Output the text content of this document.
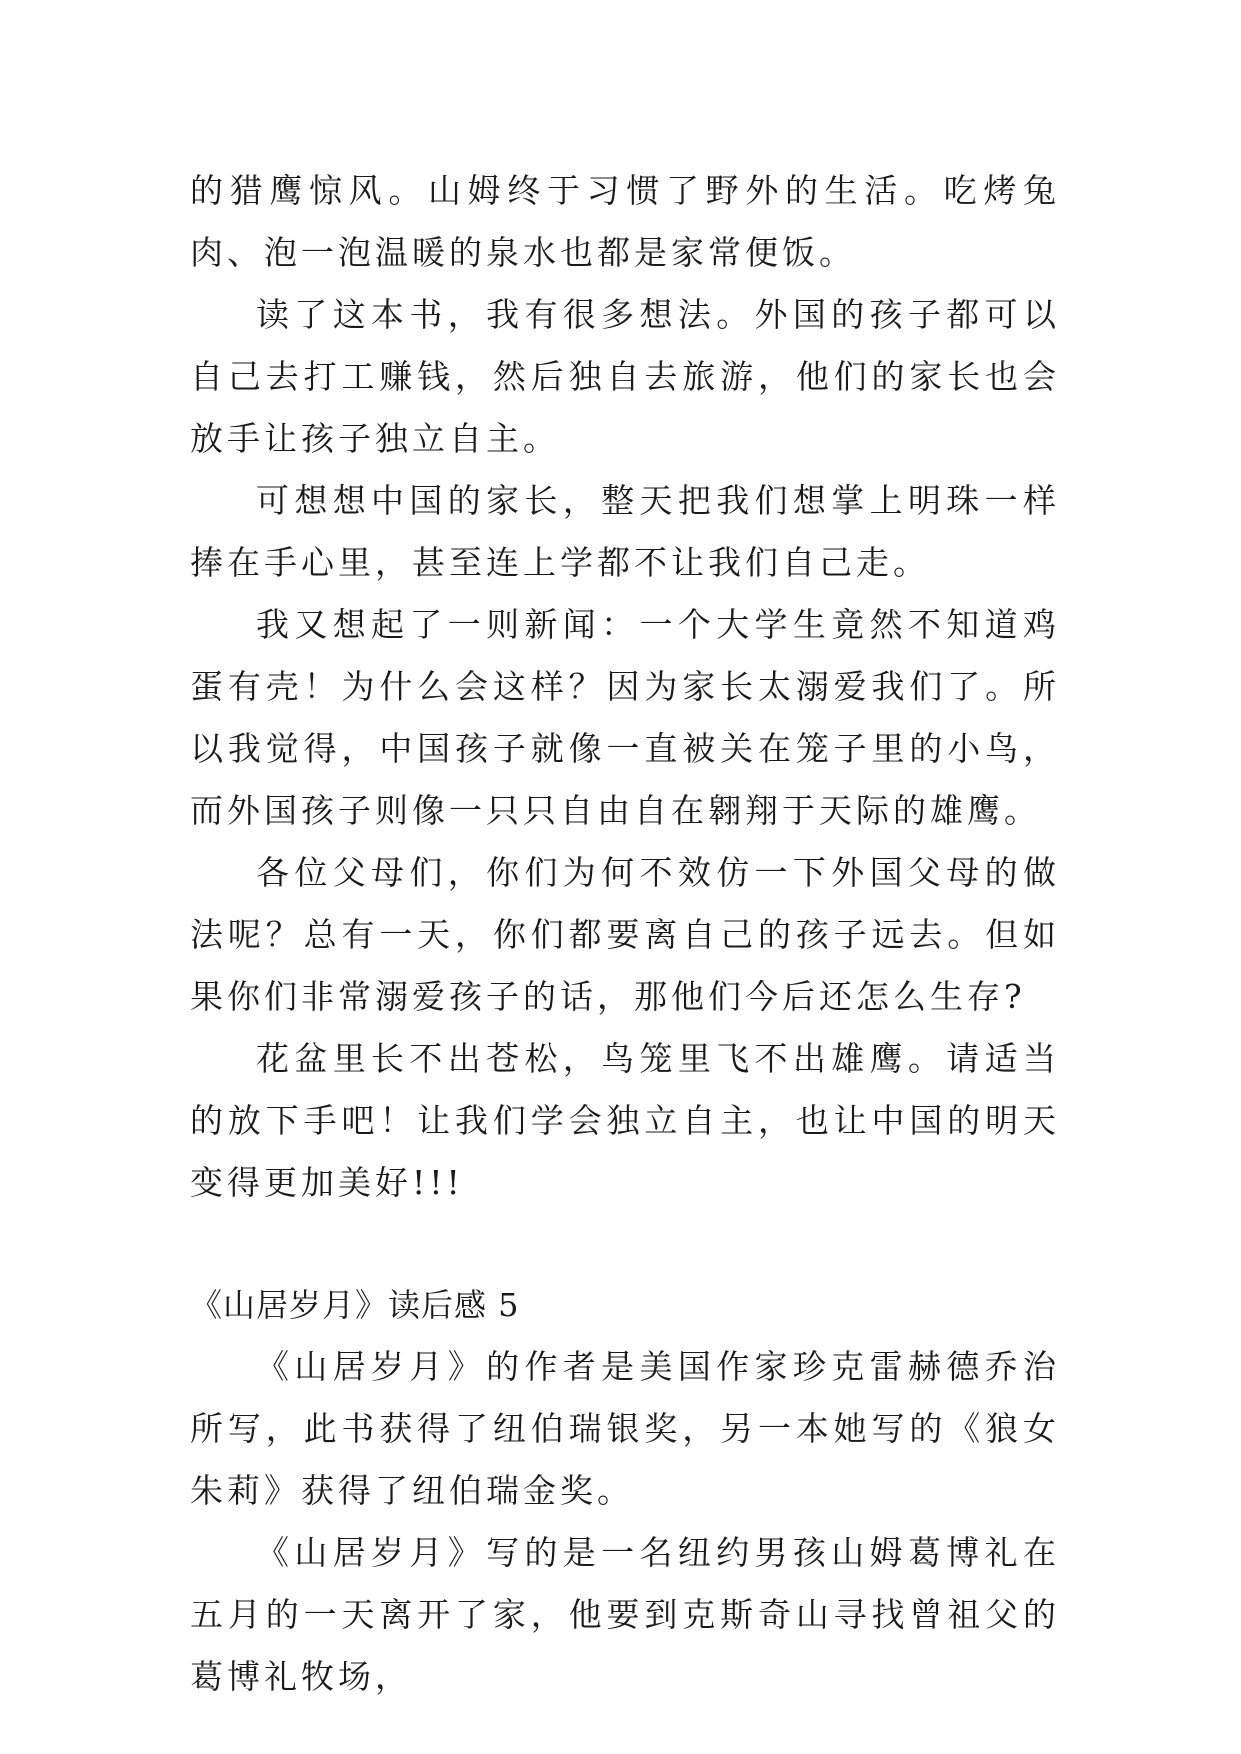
的猎鹰惊风。山姆终于习惯了野外的生活。吃烤兔肉、泡一泡温暖的泉水也都是家常便饭。

读了这本书，我有很多想法。外国的孩子都可以自己去打工赚钱，然后独自去旅游，他们的家长也会放手让孩子独立自主。

可想想中国的家长，整天把我们想掌上明珠一样捧在手心里，甚至连上学都不让我们自己走。

我又想起了一则新闻：一个大学生竟然不知道鸡蛋有壳！为什么会这样？因为家长太溺爱我们了。所以我觉得，中国孩子就像一直被关在笼子里的小鸟，而外国孩子则像一只只自由自在翱翔于天际的雄鹰。

各位父母们，你们为何不效仿一下外国父母的做法呢？总有一天，你们都要离自己的孩子远去。但如果你们非常溺爱孩子的话，那他们今后还怎么生存?

花盆里长不出苍松，鸟笼里飞不出雄鹰。请适当的放下手吧！让我们学会独立自主，也让中国的明天变得更加美好!!!

《山居岁月》读后感 5

《山居岁月》的作者是美国作家珍克雷赫德乔治所写，此书获得了纽伯瑞银奖，另一本她写的《狼女朱莉》获得了纽伯瑞金奖。

《山居岁月》写的是一名纽约男孩山姆葛博礼在五月的一天离开了家，他要到克斯奇山寻找曾祖父的葛博礼牧场，
